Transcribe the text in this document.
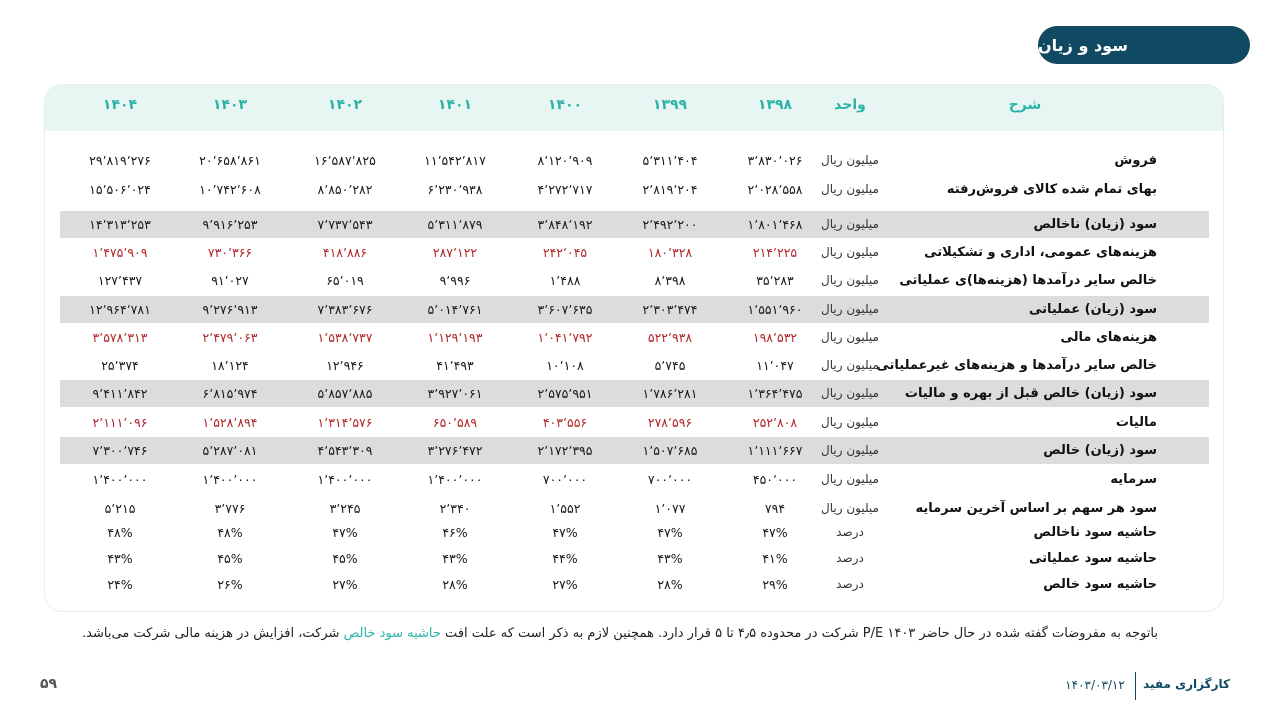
سود و زیان
شرح
واحد
۱۳۹۸
۱۳۹۹
۱۴۰۰
۱۴۰۱
۱۴۰۲
۱۴۰۳
۱۴۰۴
فروش
میلیون ریال
۳٬۸۳۰٬۰۲۶
۵٬۳۱۱٬۴۰۴
۸٬۱۲۰٬۹۰۹
۱۱٬۵۴۲٬۸۱۷
۱۶٬۵۸۷٬۸۲۵
۲۰٬۶۵۸٬۸۶۱
۲۹٬۸۱۹٬۲۷۶
بهای تمام شده کالای فروش‌رفته
میلیون ریال
۲٬۰۲۸٬۵۵۸
۲٬۸۱۹٬۲۰۴
۴٬۲۷۲٬۷۱۷
۶٬۲۳۰٬۹۳۸
۸٬۸۵۰٬۲۸۲
۱۰٬۷۴۲٬۶۰۸
۱۵٬۵۰۶٬۰۲۴
سود (زیان) ناخالص
میلیون ریال
۱٬۸۰۱٬۴۶۸
۲٬۴۹۲٬۲۰۰
۳٬۸۴۸٬۱۹۲
۵٬۳۱۱٬۸۷۹
۷٬۷۳۷٬۵۴۳
۹٬۹۱۶٬۲۵۳
۱۴٬۳۱۳٬۲۵۳
هزینه‌های عمومی، اداری و تشکیلاتی
میلیون ریال
۲۱۴٬۲۲۵
۱۸۰٬۳۲۸
۲۴۲٬۰۴۵
۲۸۷٬۱۲۲
۴۱۸٬۸۸۶
۷۳۰٬۳۶۶
۱٬۴۷۵٬۹۰۹
خالص سایر درآمدها (هزینه‌ها)ی عملیاتی
میلیون ریال
۳۵٬۲۸۳
۸٬۳۹۸
۱٬۴۸۸
۹٬۹۹۶
۶۵٬۰۱۹
۹۱٬۰۲۷
۱۲۷٬۴۳۷
سود (زیان) عملیاتی
میلیون ریال
۱٬۵۵۱٬۹۶۰
۲٬۳۰۳٬۴۷۴
۳٬۶۰۷٬۶۳۵
۵٬۰۱۴٬۷۶۱
۷٬۳۸۳٬۶۷۶
۹٬۲۷۶٬۹۱۳
۱۲٬۹۶۴٬۷۸۱
هزینه‌های مالی
میلیون ریال
۱۹۸٬۵۳۲
۵۲۲٬۹۳۸
۱٬۰۴۱٬۷۹۲
۱٬۱۲۹٬۱۹۳
۱٬۵۳۸٬۷۳۷
۲٬۴۷۹٬۰۶۳
۳٬۵۷۸٬۳۱۳
خالص سایر درآمدها و هزینه‌های غیرعملیاتی
میلیون ریال
۱۱٬۰۴۷
۵٬۷۴۵
۱۰٬۱۰۸
۴۱٬۴۹۳
۱۲٬۹۴۶
۱۸٬۱۲۴
۲۵٬۳۷۴
سود (زیان) خالص قبل از بهره و مالیات
میلیون ریال
۱٬۳۶۴٬۴۷۵
۱٬۷۸۶٬۲۸۱
۲٬۵۷۵٬۹۵۱
۳٬۹۲۷٬۰۶۱
۵٬۸۵۷٬۸۸۵
۶٬۸۱۵٬۹۷۴
۹٬۴۱۱٬۸۴۲
مالیات
میلیون ریال
۲۵۲٬۸۰۸
۲۷۸٬۵۹۶
۴۰۳٬۵۵۶
۶۵۰٬۵۸۹
۱٬۳۱۴٬۵۷۶
۱٬۵۲۸٬۸۹۴
۲٬۱۱۱٬۰۹۶
سود (زیان) خالص
میلیون ریال
۱٬۱۱۱٬۶۶۷
۱٬۵۰۷٬۶۸۵
۲٬۱۷۲٬۳۹۵
۳٬۲۷۶٬۴۷۲
۴٬۵۴۳٬۳۰۹
۵٬۲۸۷٬۰۸۱
۷٬۳۰۰٬۷۴۶
سرمایه
میلیون ریال
۴۵۰٬۰۰۰
۷۰۰٬۰۰۰
۷۰۰٬۰۰۰
۱٬۴۰۰٬۰۰۰
۱٬۴۰۰٬۰۰۰
۱٬۴۰۰٬۰۰۰
۱٬۴۰۰٬۰۰۰
سود هر سهم بر اساس آخرین سرمایه
میلیون ریال
۷۹۴
۱٬۰۷۷
۱٬۵۵۲
۲٬۳۴۰
۳٬۲۴۵
۳٬۷۷۶
۵٬۲۱۵
حاشیه سود ناخالص
درصد
۴۷%
۴۷%
۴۷%
۴۶%
۴۷%
۴۸%
۴۸%
حاشیه سود عملیاتی
درصد
۴۱%
۴۳%
۴۴%
۴۳%
۴۵%
۴۵%
۴۳%
حاشیه سود خالص
درصد
۲۹%
۲۸%
۲۷%
۲۸%
۲۷%
۲۶%
۲۴%
باتوجه به مفروضات گفته شده در حال حاضر P/E ۱۴۰۳ شرکت در محدوده ۴٫۵ تا ۵ قرار دارد. همچنین لازم به ذکر است که علت افت حاشیه سود خالص شرکت، افزایش در هزینه مالی شرکت می‌باشد.
کارگزاری مفید
۱۴۰۳/۰۳/۱۲
۵۹
